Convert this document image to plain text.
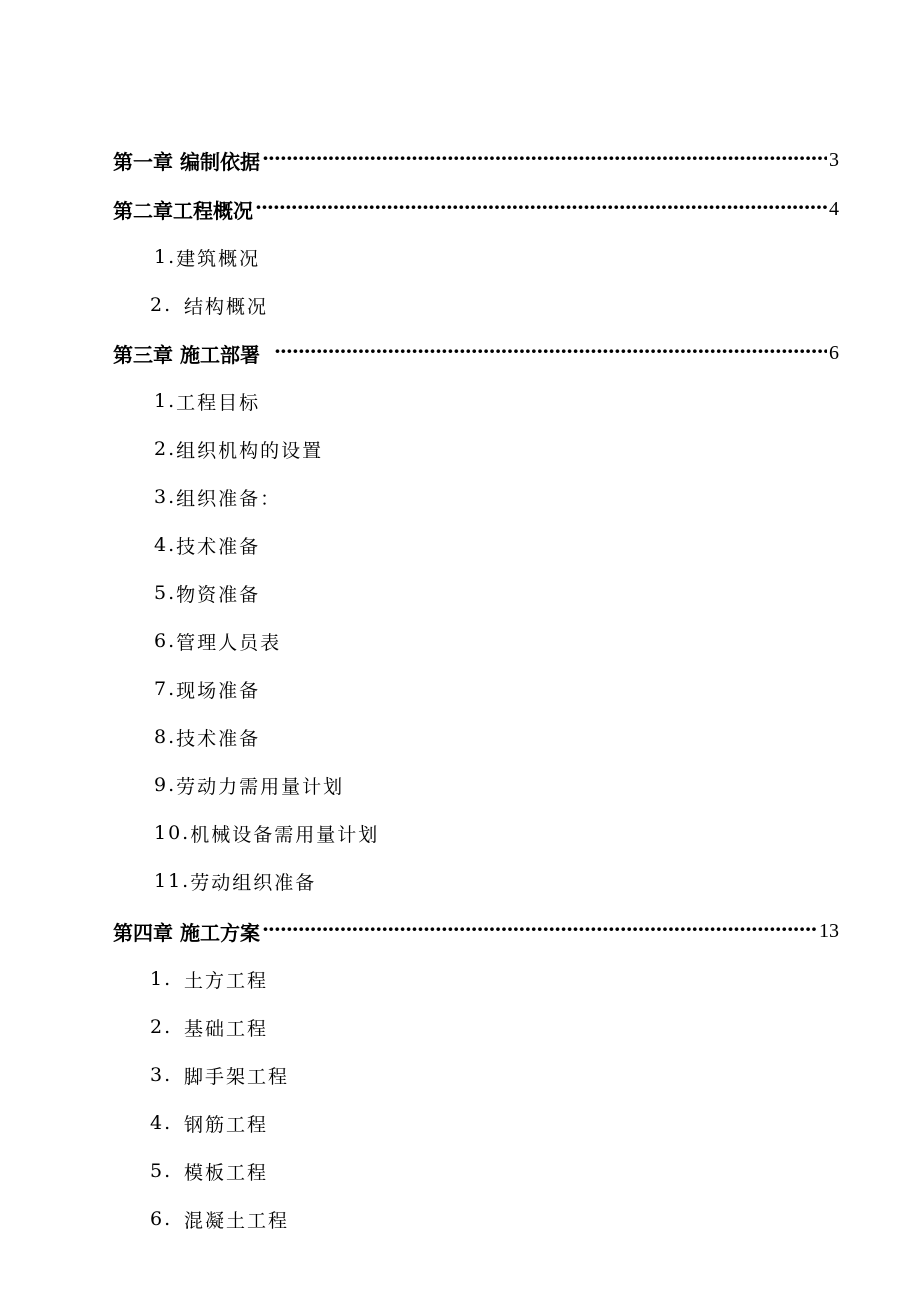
第一章 编制依据 ·····	3
第二章工程概况 ·····	4
1. 建筑概况
2. 结构概况
第三章 施工部署 ·····	6
1. 工程目标
2. 组织机构的设置
3. 组织准备：
4. 技术准备
5. 物资准备
6. 管理人员表
7. 现场准备
8. 技术准备
9. 劳动力需用量计划
10. 机械设备需用量计划
11. 劳动组织准备
第四章 施工方案 ·····	13
1. 土方工程
2. 基础工程
3. 脚手架工程
4. 钢筋工程
5. 模板工程
6. 混凝土工程
